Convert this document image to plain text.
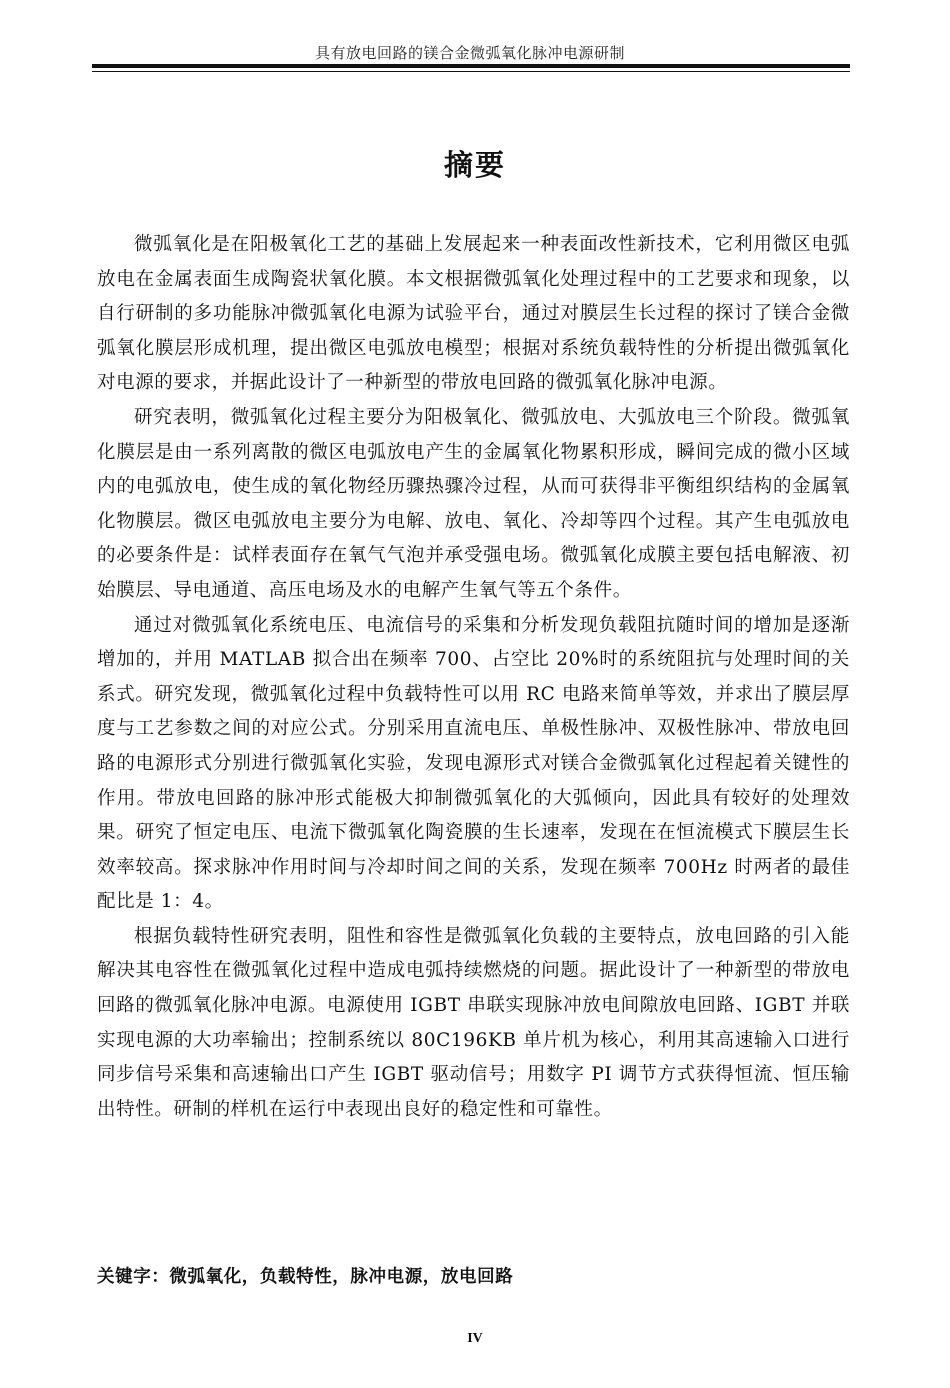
具有放电回路的镁合金微弧氧化脉冲电源研制
摘要

微弧氧化是在阳极氧化工艺的基础上发展起来一种表面改性新技术，它利用微区电弧放电在金属表面生成陶瓷状氧化膜。本文根据微弧氧化处理过程中的工艺要求和现象，以自行研制的多功能脉冲微弧氧化电源为试验平台，通过对膜层生长过程的探讨了镁合金微弧氧化膜层形成机理，提出微区电弧放电模型；根据对系统负载特性的分析提出微弧氧化对电源的要求，并据此设计了一种新型的带放电回路的微弧氧化脉冲电源。

研究表明，微弧氧化过程主要分为阳极氧化、微弧放电、大弧放电三个阶段。微弧氧化膜层是由一系列离散的微区电弧放电产生的金属氧化物累积形成，瞬间完成的微小区域内的电弧放电，使生成的氧化物经历骤热骤冷过程，从而可获得非平衡组织结构的金属氧化物膜层。微区电弧放电主要分为电解、放电、氧化、冷却等四个过程。其产生电弧放电的必要条件是：试样表面存在氧气气泡并承受强电场。微弧氧化成膜主要包括电解液、初始膜层、导电通道、高压电场及水的电解产生氧气等五个条件。

通过对微弧氧化系统电压、电流信号的采集和分析发现负载阻抗随时间的增加是逐渐增加的，并用 MATLAB 拟合出在频率 700、占空比 20%时的系统阻抗与处理时间的关系式。研究发现，微弧氧化过程中负载特性可以用 RC 电路来简单等效，并求出了膜层厚度与工艺参数之间的对应公式。分别采用直流电压、单极性脉冲、双极性脉冲、带放电回路的电源形式分别进行微弧氧化实验，发现电源形式对镁合金微弧氧化过程起着关键性的作用。带放电回路的脉冲形式能极大抑制微弧氧化的大弧倾向，因此具有较好的处理效果。研究了恒定电压、电流下微弧氧化陶瓷膜的生长速率，发现在在恒流模式下膜层生长效率较高。探求脉冲作用时间与冷却时间之间的关系，发现在频率 700Hz 时两者的最佳配比是 1：4。

根据负载特性研究表明，阻性和容性是微弧氧化负载的主要特点，放电回路的引入能解决其电容性在微弧氧化过程中造成电弧持续燃烧的问题。据此设计了一种新型的带放电回路的微弧氧化脉冲电源。电源使用 IGBT 串联实现脉冲放电间隙放电回路、IGBT 并联实现电源的大功率输出；控制系统以 80C196KB 单片机为核心，利用其高速输入口进行同步信号采集和高速输出口产生 IGBT 驱动信号；用数字 PI 调节方式获得恒流、恒压输出特性。研制的样机在运行中表现出良好的稳定性和可靠性。

关键字：微弧氧化，负载特性，脉冲电源，放电回路
IV
